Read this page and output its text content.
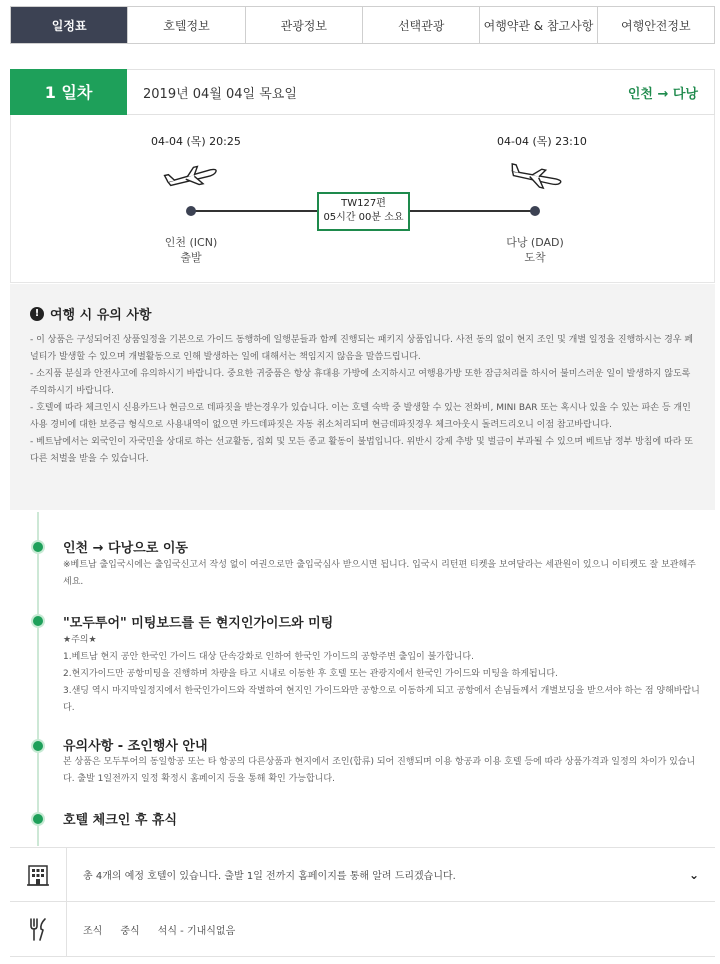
일정표	호텔정보	관광정보	선택관광	여행약관 & 참고사항	여행안전정보
1 일차	2019년 04월 04일 목요일	인천 → 다낭
04-04 (목) 20:25	04-04 (목) 23:10
TW127편
05시간 00분 소요
인천 (ICN)
출발
다낭 (DAD)
도착
! 여행 시 유의 사항

- 이 상품은 구성되어진 상품일정을 기본으로 가이드 동행하에 일행분들과 함께 진행되는 패키지 상품입니다. 사전 동의 없이 현지 조인 및 개별 일정을 진행하시는 경우 페널티가 발생할 수 있으며 개별활동으로 인해 발생하는 일에 대해서는 책임지지 않음을 말씀드립니다.

- 소지품 분실과 안전사고에 유의하시기 바랍니다. 중요한 귀중품은 항상 휴대용 가방에 소지하시고 여행용가방 또한 잠금처리를 하시어 불미스러운 일이 발생하지 않도록 주의하시기 바랍니다.

- 호텔에 따라 체크인시 신용카드나 현금으로 데파짓을 받는경우가 있습니다. 이는 호텔 숙박 중 발생할 수 있는 전화비, MINI BAR 또는 혹시나 있을 수 있는 파손 등 개인사용 경비에 대한 보증금 형식으로 사용내역이 없으면 카드데파짓은 자동 취소처리되며 현금데파짓경우 체크아웃시 돌려드리오니 이점 참고바랍니다.

- 베트남에서는 외국인이 자국민을 상대로 하는 선교활동, 집회 및 모든 종교 활동이 불법입니다. 위반시 강제 추방 및 벌금이 부과될 수 있으며 베트남 정부 방침에 따라 또 다른 처벌을 받을 수 있습니다.

인천 → 다낭으로 이동
※베트남 출입국시에는 출입국신고서 작성 없이 여권으로만 출입국심사 받으시면 됩니다. 입국시 리턴편 티켓을 보여달라는 세관원이 있으니 이티켓도 잘 보관해주세요.
"모두투어" 미팅보드를 든 현지인가이드와 미팅
★주의★
1.베트남 현지 공안 한국인 가이드 대상 단속강화로 인하여 한국인 가이드의 공항주변 출입이 불가합니다.
2.현지가이드만 공항미팅을 진행하며 차량을 타고 시내로 이동한 후 호텔 또는 관광지에서 한국인 가이드와 미팅을 하게됩니다.
3.샌딩 역시 마지막일정지에서 한국인가이드와 작별하여 현지인 가이드와만 공항으로 이동하게 되고 공항에서 손님들께서 개별보딩을 받으셔야 하는 점 양해바랍니다.
유의사항 - 조인행사 안내
본 상품은 모두투어의 동일항공 또는 타 항공의 다른상품과 현지에서 조인(합류) 되어 진행되며 이용 항공과 이용 호텔 등에 따라 상품가격과 일정의 차이가 있습니다. 출발 1일전까지 일정 확정시 홈페이지 등을 통해 확인 가능합니다.
호텔 체크인 후 휴식
총 4개의 예정 호텔이 있습니다. 출발 1일 전까지 홈페이지를 통해 알려 드리겠습니다.	⌄
조식 중식 석식 - 기내식없음
